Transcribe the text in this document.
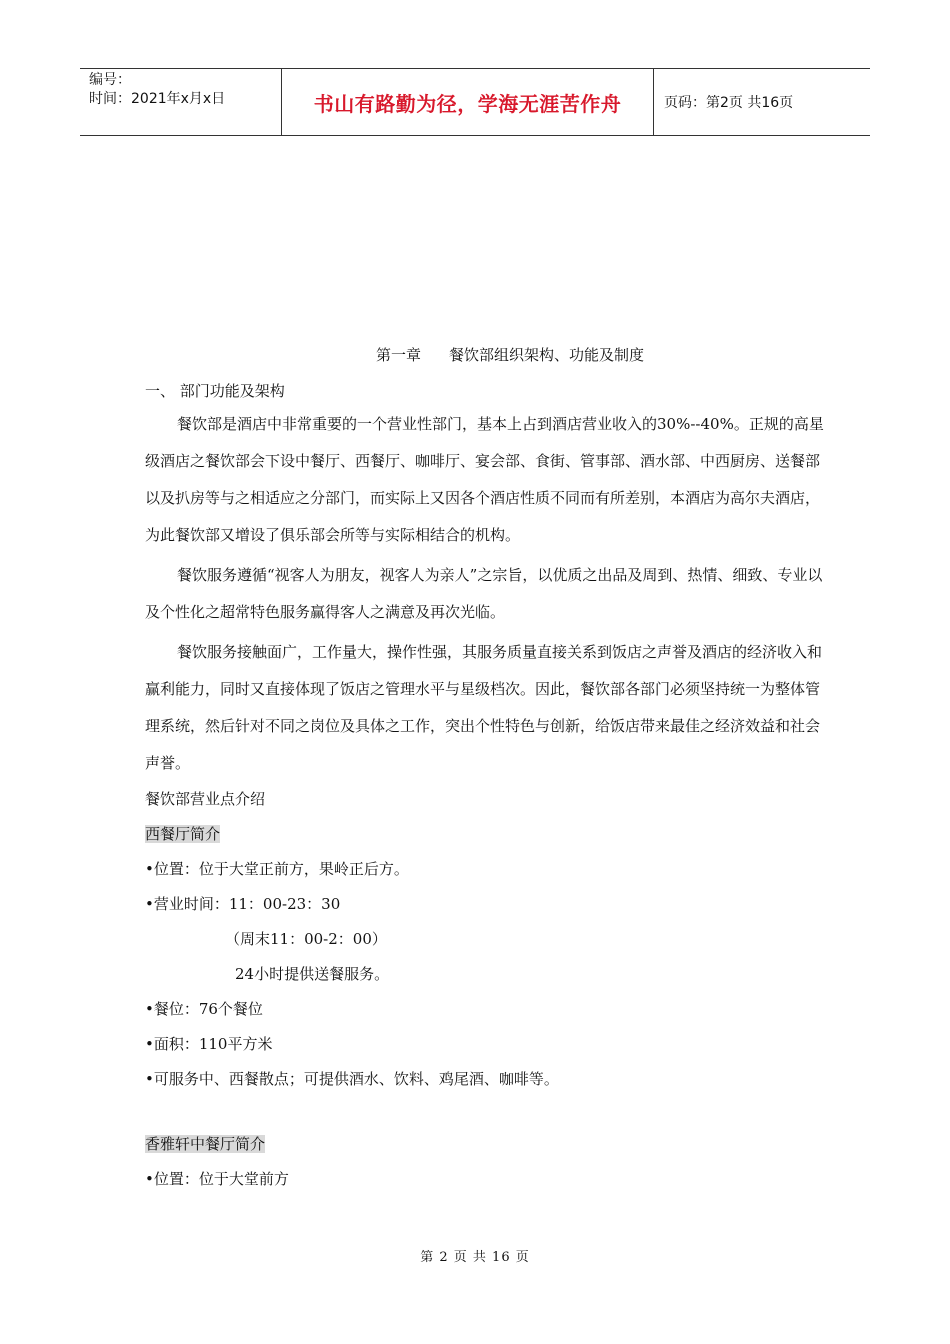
编号：
时间：2021年x月x日	书山有路勤为径，学海无涯苦作舟	页码：第2页 共16页
第一章 餐饮部组织架构、功能及制度

一、 部门功能及架构

餐饮部是酒店中非常重要的一个营业性部门，基本上占到酒店营业收入的30%--40%。正规的高星级酒店之餐饮部会下设中餐厅、西餐厅、咖啡厅、宴会部、食街、管事部、酒水部、中西厨房、送餐部以及扒房等与之相适应之分部门，而实际上又因各个酒店性质不同而有所差别，本酒店为高尔夫酒店，为此餐饮部又增设了俱乐部会所等与实际相结合的机构。

餐饮服务遵循“视客人为朋友，视客人为亲人”之宗旨，以优质之出品及周到、热情、细致、专业以及个性化之超常特色服务赢得客人之满意及再次光临。

餐饮服务接触面广，工作量大，操作性强，其服务质量直接关系到饭店之声誉及酒店的经济收入和赢利能力，同时又直接体现了饭店之管理水平与星级档次。因此，餐饮部各部门必须坚持统一为整体管理系统，然后针对不同之岗位及具体之工作，突出个性特色与创新，给饭店带来最佳之经济效益和社会声誉。

餐饮部营业点介绍

西餐厅简介

•位置：位于大堂正前方，果岭正后方。

•营业时间：11：00-23：30

（周末11：00-2：00）

24小时提供送餐服务。

•餐位：76个餐位

•面积：110平方米

•可服务中、西餐散点；可提供酒水、饮料、鸡尾酒、咖啡等。

香雅轩中餐厅简介

•位置：位于大堂前方

第 2 页 共 16 页
